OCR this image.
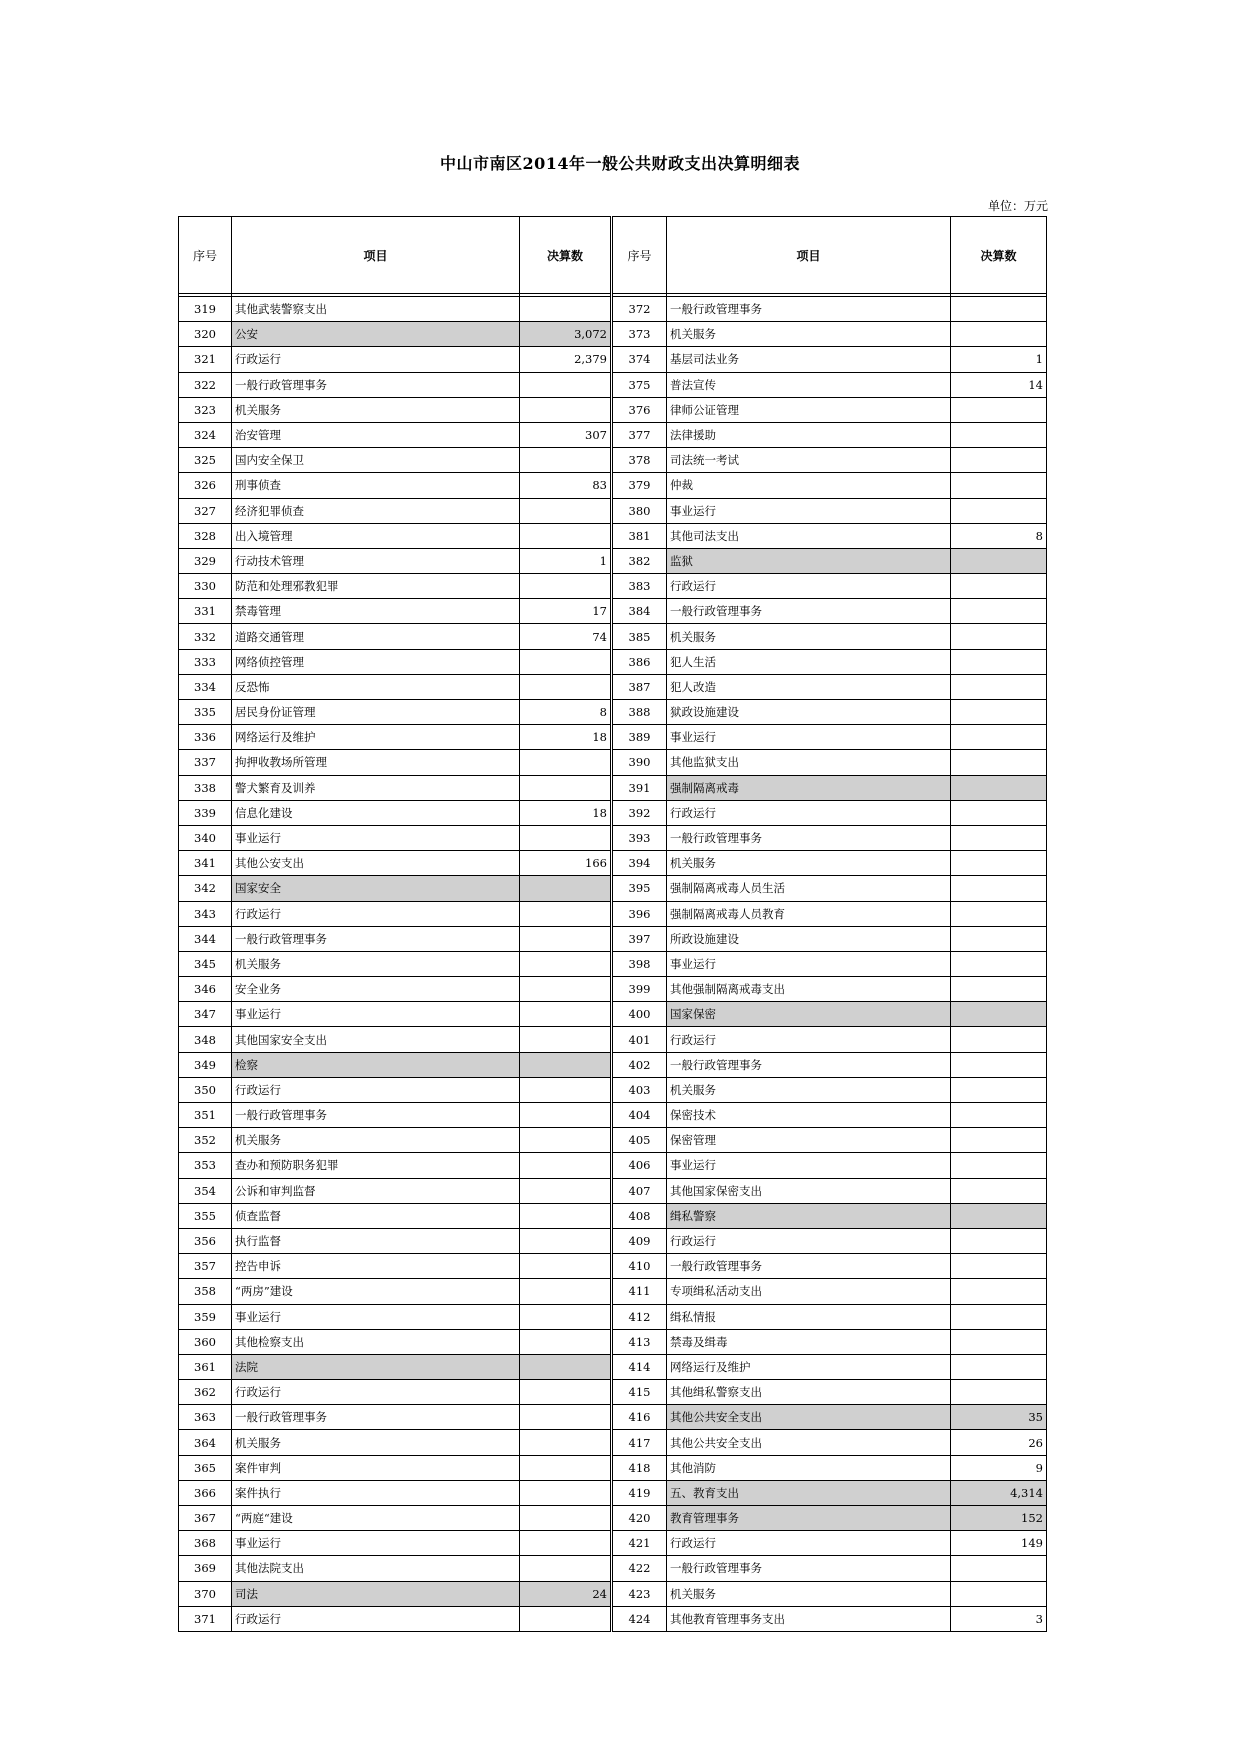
中山市南区2014年一般公共财政支出决算明细表
单位：万元
序号	项目	决算数	序号	项目	决算数

319	其他武装警察支出		372	一般行政管理事务	
320	公安	3,072	373	机关服务	
321	行政运行	2,379	374	基层司法业务	1
322	一般行政管理事务		375	普法宣传	14
323	机关服务		376	律师公证管理	
324	治安管理	307	377	法律援助	
325	国内安全保卫		378	司法统一考试	
326	刑事侦查	83	379	仲裁	
327	经济犯罪侦查		380	事业运行	
328	出入境管理		381	其他司法支出	8
329	行动技术管理	1	382	监狱	
330	防范和处理邪教犯罪		383	行政运行	
331	禁毒管理	17	384	一般行政管理事务	
332	道路交通管理	74	385	机关服务	
333	网络侦控管理		386	犯人生活	
334	反恐怖		387	犯人改造	
335	居民身份证管理	8	388	狱政设施建设	
336	网络运行及维护	18	389	事业运行	
337	拘押收教场所管理		390	其他监狱支出	
338	警犬繁育及训养		391	强制隔离戒毒	
339	信息化建设	18	392	行政运行	
340	事业运行		393	一般行政管理事务	
341	其他公安支出	166	394	机关服务	
342	国家安全		395	强制隔离戒毒人员生活	
343	行政运行		396	强制隔离戒毒人员教育	
344	一般行政管理事务		397	所政设施建设	
345	机关服务		398	事业运行	
346	安全业务		399	其他强制隔离戒毒支出	
347	事业运行		400	国家保密	
348	其他国家安全支出		401	行政运行	
349	检察		402	一般行政管理事务	
350	行政运行		403	机关服务	
351	一般行政管理事务		404	保密技术	
352	机关服务		405	保密管理	
353	查办和预防职务犯罪		406	事业运行	
354	公诉和审判监督		407	其他国家保密支出	
355	侦查监督		408	缉私警察	
356	执行监督		409	行政运行	
357	控告申诉		410	一般行政管理事务	
358	“两房”建设		411	专项缉私活动支出	
359	事业运行		412	缉私情报	
360	其他检察支出		413	禁毒及缉毒	
361	法院		414	网络运行及维护	
362	行政运行		415	其他缉私警察支出	
363	一般行政管理事务		416	其他公共安全支出	35
364	机关服务		417	其他公共安全支出	26
365	案件审判		418	其他消防	9
366	案件执行		419	五、教育支出	4,314
367	“两庭“建设		420	教育管理事务	152
368	事业运行		421	行政运行	149
369	其他法院支出		422	一般行政管理事务	
370	司法	24	423	机关服务	
371	行政运行		424	其他教育管理事务支出	3
